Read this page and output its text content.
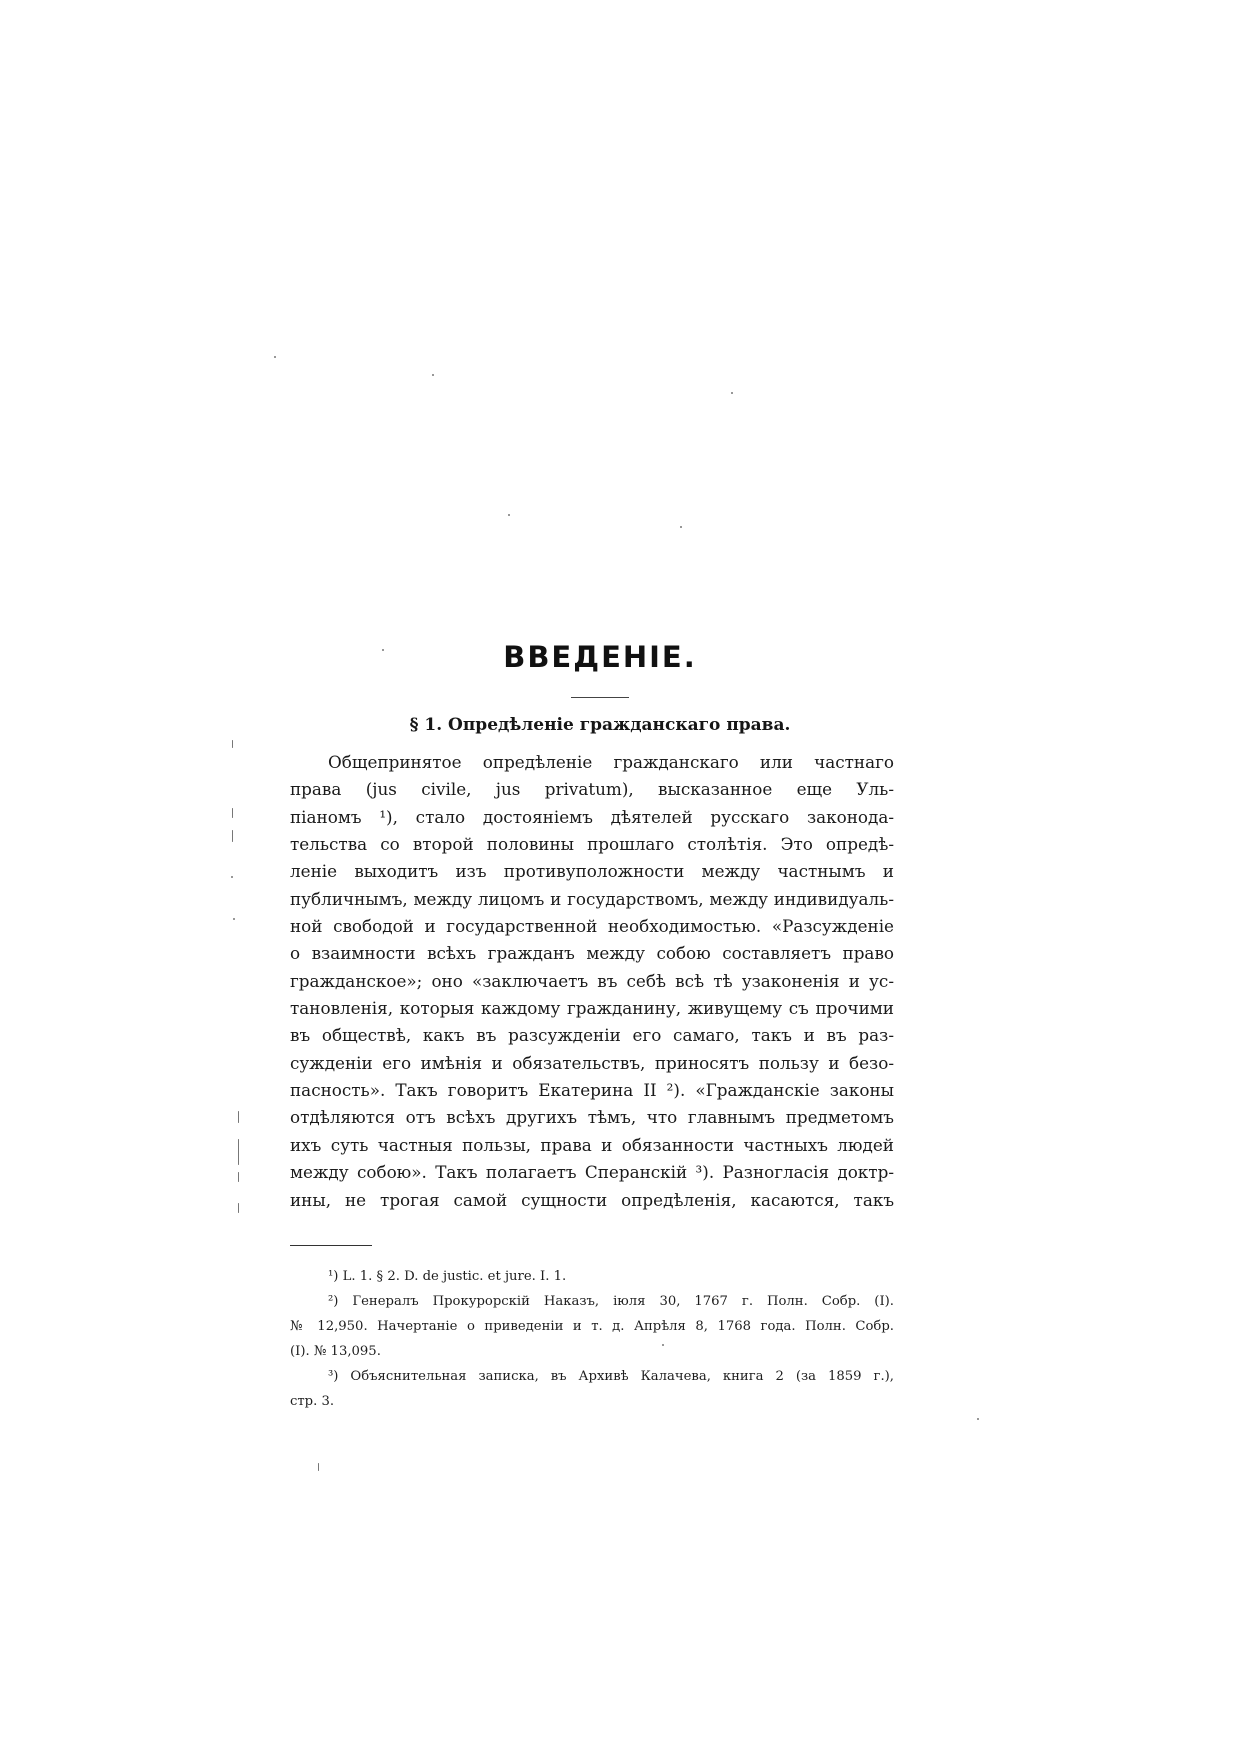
ВВЕДЕНІЕ.
§ 1. Опредѣленіе гражданскаго права.
Общепринятое опредѣленіе гражданскаго или частнаго
права (jus civile, jus privatum), высказанное еще Уль-
піаномъ ¹), стало достояніемъ дѣятелей русскаго законода-
тельства со второй половины прошлаго столѣтія. Это опредѣ-
леніе выходитъ изъ противуположности между частнымъ и
публичнымъ, между лицомъ и государствомъ, между индивидуаль-
ной свободой и государственной необходимостью. «Разсужденіе
о взаимности всѣхъ гражданъ между собою составляетъ право
гражданское»; оно «заключаетъ въ себѣ всѣ тѣ узаконенія и ус-
тановленія, которыя каждому гражданину, живущему съ прочими
въ обществѣ, какъ въ разсужденіи его самаго, такъ и въ раз-
сужденіи его имѣнія и обязательствъ, приносятъ пользу и безо-
пасность». Такъ говоритъ Екатерина II ²). «Гражданскіе законы
отдѣляются отъ всѣхъ другихъ тѣмъ, что главнымъ предметомъ
ихъ суть частныя пользы, права и обязанности частныхъ людей
между собою». Такъ полагаетъ Сперанскій ³). Разногласія доктр-
ины, не трогая самой сущности опредѣленія, касаются, такъ
¹) L. 1. § 2. D. de justic. et jure. I. 1.
²) Генералъ Прокурорскій Наказъ, іюля 30, 1767 г. Полн. Собр. (I).
№ 12,950. Начертаніе о приведеніи и т. д. Апрѣля 8, 1768 года. Полн. Собр.
(I). № 13,095.
³) Объяснительная записка, въ Архивѣ Калачева, книга 2 (за 1859 г.),
стр. 3.
